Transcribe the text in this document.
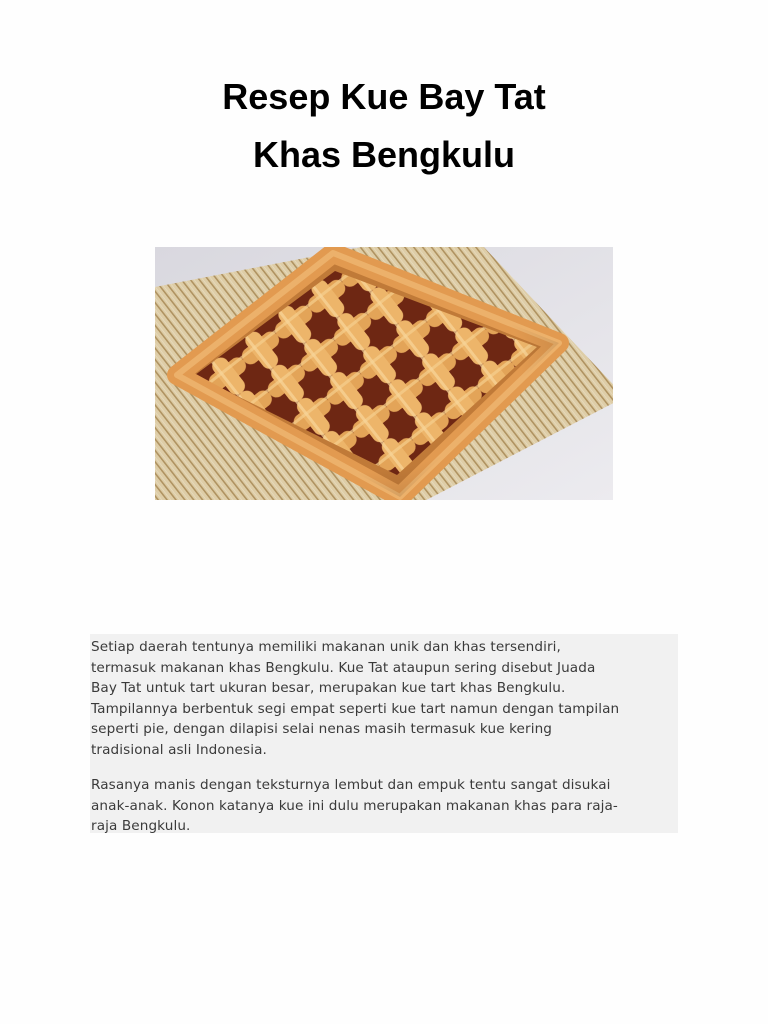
Resep Kue Bay Tat
Khas Bengkulu

Setiap daerah tentunya memiliki makanan unik dan khas tersendiri,
termasuk makanan khas Bengkulu. Kue Tat ataupun sering disebut Juada
Bay Tat untuk tart ukuran besar, merupakan kue tart khas Bengkulu.
Tampilannya berbentuk segi empat seperti kue tart namun dengan tampilan
seperti pie, dengan dilapisi selai nenas masih termasuk kue kering
tradisional asli Indonesia.

Rasanya manis dengan teksturnya lembut dan empuk tentu sangat disukai
anak-anak. Konon katanya kue ini dulu merupakan makanan khas para raja-
raja Bengkulu.
